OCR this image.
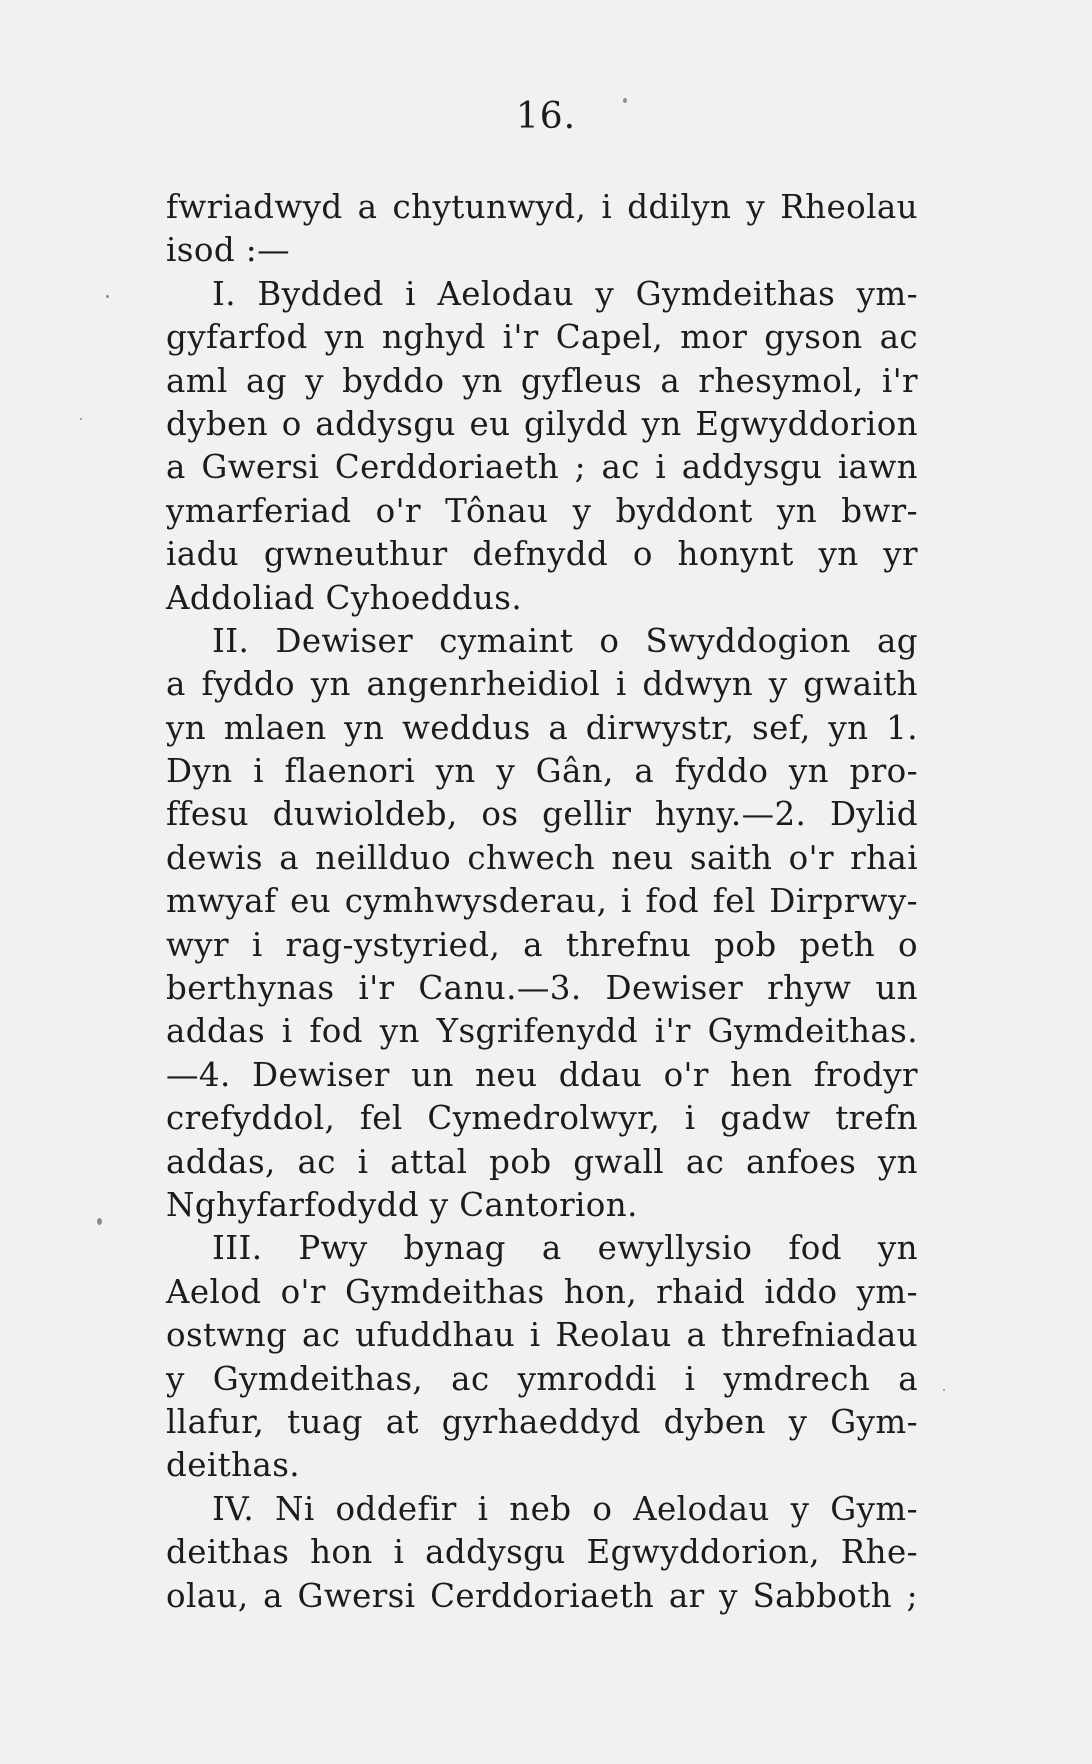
16.
fwriadwyd a chytunwyd, i ddilyn y Rheolau
isod :—
I. Bydded i Aelodau y Gymdeithas ym-
gyfarfod yn nghyd i'r Capel, mor gyson ac
aml ag y byddo yn gyfleus a rhesymol, i'r
dyben o addysgu eu gilydd yn Egwyddorion
a Gwersi Cerddoriaeth ; ac i addysgu iawn
ymarferiad o'r Tônau y byddont yn bwr-
iadu gwneuthur defnydd o honynt yn yr
Addoliad Cyhoeddus.
II. Dewiser cymaint o Swyddogion ag
a fyddo yn angenrheidiol i ddwyn y gwaith
yn mlaen yn weddus a dirwystr, sef, yn 1.
Dyn i flaenori yn y Gân, a fyddo yn pro-
ffesu duwioldeb, os gellir hyny.—2. Dylid
dewis a neillduo chwech neu saith o'r rhai
mwyaf eu cymhwysderau, i fod fel Dirprwy-
wyr i rag-ystyried, a threfnu pob peth o
berthynas i'r Canu.—3. Dewiser rhyw un
addas i fod yn Ysgrifenydd i'r Gymdeithas.
—4. Dewiser un neu ddau o'r hen frodyr
crefyddol, fel Cymedrolwyr, i gadw trefn
addas, ac i attal pob gwall ac anfoes yn
Nghyfarfodydd y Cantorion.
III. Pwy bynag a ewyllysio fod yn
Aelod o'r Gymdeithas hon, rhaid iddo ym-
ostwng ac ufuddhau i Reolau a threfniadau
y Gymdeithas, ac ymroddi i ymdrech a
llafur, tuag at gyrhaeddyd dyben y Gym-
deithas.
IV. Ni oddefir i neb o Aelodau y Gym-
deithas hon i addysgu Egwyddorion, Rhe-
olau, a Gwersi Cerddoriaeth ar y Sabboth ;
